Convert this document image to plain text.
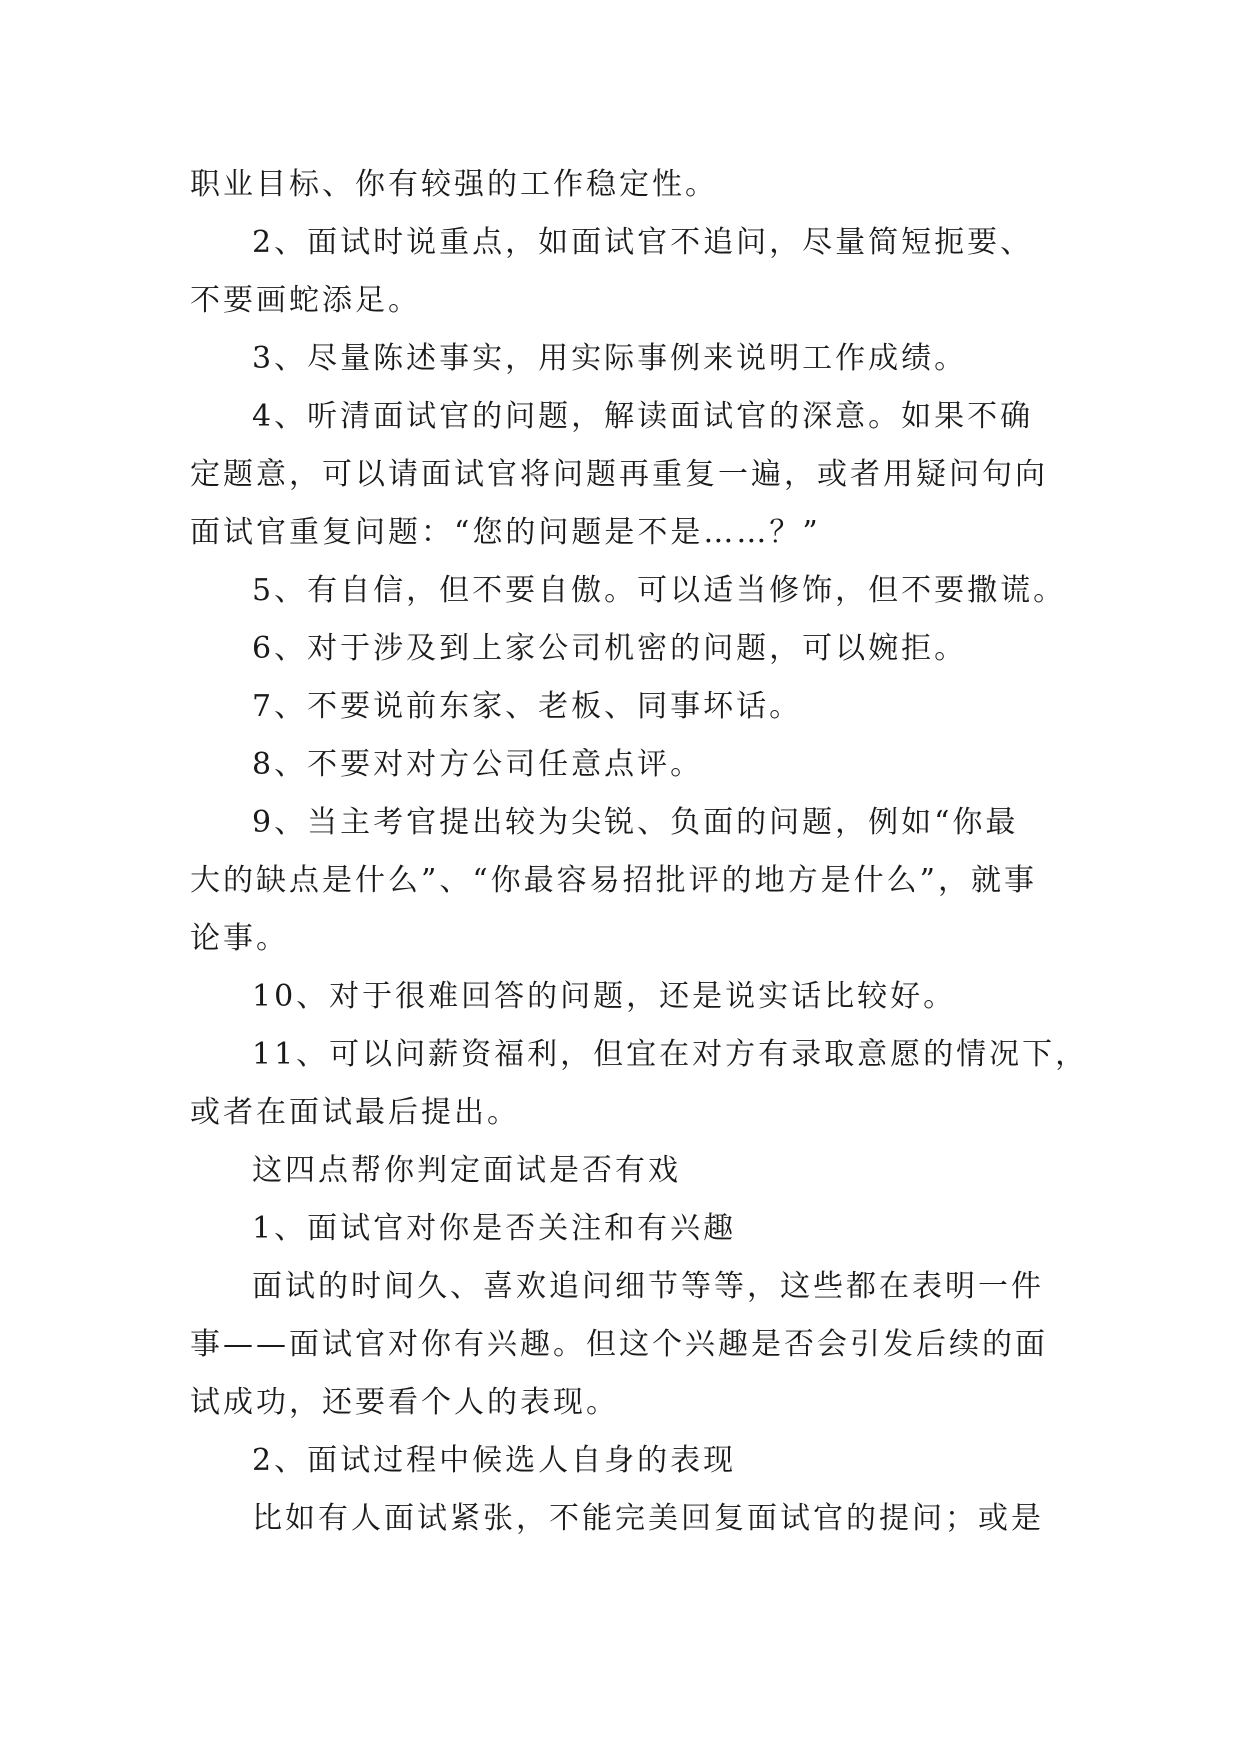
职业目标、你有较强的工作稳定性。
2、面试时说重点，如面试官不追问，尽量简短扼要、
不要画蛇添足。
3、尽量陈述事实，用实际事例来说明工作成绩。
4、听清面试官的问题，解读面试官的深意。如果不确
定题意，可以请面试官将问题再重复一遍，或者用疑问句向
面试官重复问题：“您的问题是不是……？”
5、有自信，但不要自傲。可以适当修饰，但不要撒谎。
6、对于涉及到上家公司机密的问题，可以婉拒。
7、不要说前东家、老板、同事坏话。
8、不要对对方公司任意点评。
9、当主考官提出较为尖锐、负面的问题，例如“你最
大的缺点是什么”、“你最容易招批评的地方是什么”，就事
论事。
10、对于很难回答的问题，还是说实话比较好。
11、可以问薪资福利，但宜在对方有录取意愿的情况下，
或者在面试最后提出。
这四点帮你判定面试是否有戏
1、面试官对你是否关注和有兴趣
面试的时间久、喜欢追问细节等等，这些都在表明一件
事——面试官对你有兴趣。但这个兴趣是否会引发后续的面
试成功，还要看个人的表现。
2、面试过程中候选人自身的表现
比如有人面试紧张，不能完美回复面试官的提问；或是
